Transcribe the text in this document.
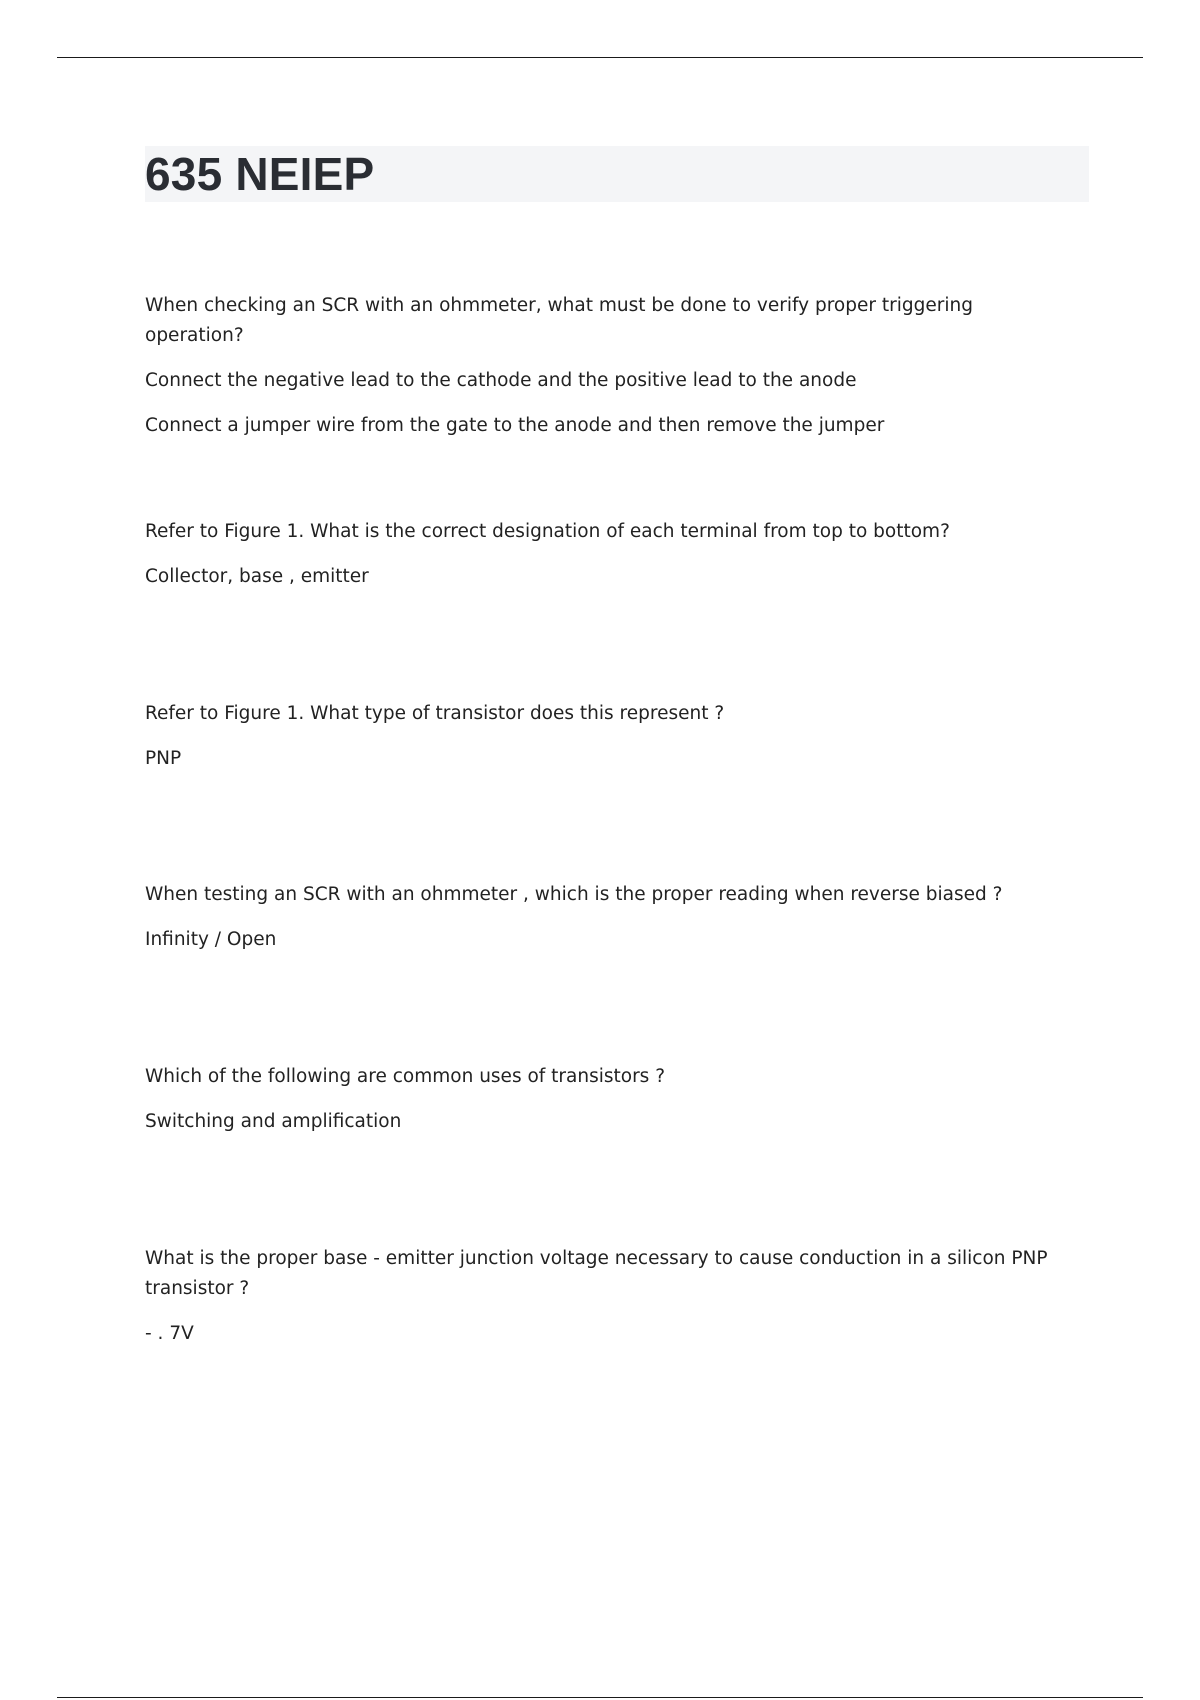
635 NEIEP

When checking an SCR with an ohmmeter, what must be done to verify proper triggering operation?

Connect the negative lead to the cathode and the positive lead to the anode

Connect a jumper wire from the gate to the anode and then remove the jumper

Refer to Figure 1. What is the correct designation of each terminal from top to bottom?

Collector, base , emitter

Refer to Figure 1. What type of transistor does this represent ?

PNP

When testing an SCR with an ohmmeter , which is the proper reading when reverse biased ?

Infinity / Open

Which of the following are common uses of transistors ?

Switching and amplification

What is the proper base - emitter junction voltage necessary to cause conduction in a silicon PNP

transistor ?

- . 7V
